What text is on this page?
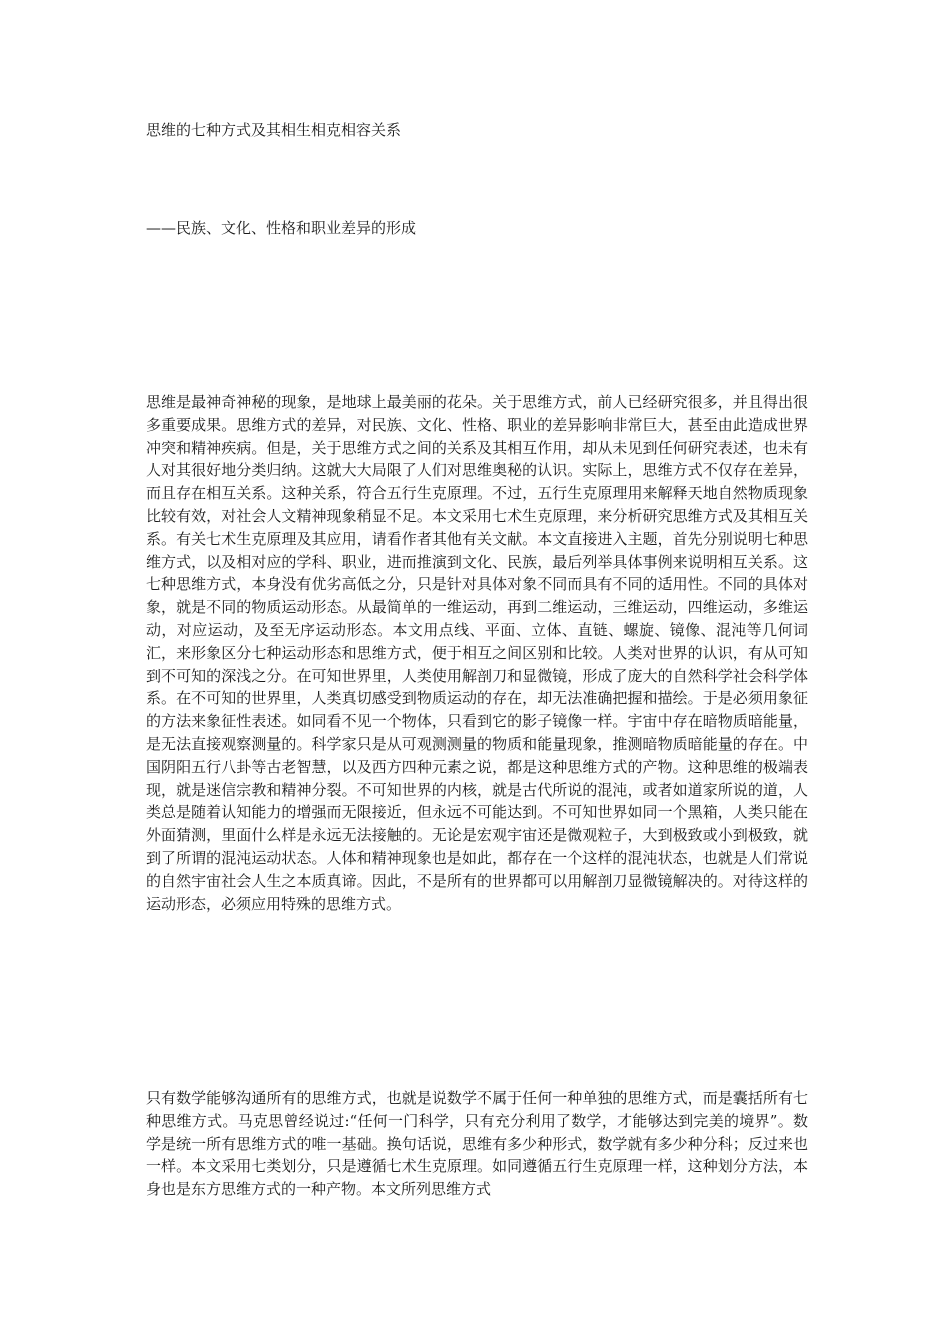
思维的七种方式及其相生相克相容关系
——民族、文化、性格和职业差异的形成

思维是最神奇神秘的现象，是地球上最美丽的花朵。关于思维方式，前人已经研究很多，并且得出很多重要成果。思维方式的差异，对民族、文化、性格、职业的差异影响非常巨大，甚至由此造成世界冲突和精神疾病。但是，关于思维方式之间的关系及其相互作用，却从未见到任何研究表述，也未有人对其很好地分类归纳。这就大大局限了人们对思维奥秘的认识。实际上，思维方式不仅存在差异，而且存在相互关系。这种关系，符合五行生克原理。不过，五行生克原理用来解释天地自然物质现象比较有效，对社会人文精神现象稍显不足。本文采用七术生克原理，来分析研究思维方式及其相互关系。有关七术生克原理及其应用，请看作者其他有关文献。本文直接进入主题，首先分别说明七种思维方式，以及相对应的学科、职业，进而推演到文化、民族，最后列举具体事例来说明相互关系。这七种思维方式，本身没有优劣高低之分，只是针对具体对象不同而具有不同的适用性。不同的具体对象，就是不同的物质运动形态。从最简单的一维运动，再到二维运动，三维运动，四维运动，多维运动，对应运动，及至无序运动形态。本文用点线、平面、立体、直链、螺旋、镜像、混沌等几何词汇，来形象区分七种运动形态和思维方式，便于相互之间区别和比较。人类对世界的认识，有从可知到不可知的深浅之分。在可知世界里，人类使用解剖刀和显微镜，形成了庞大的自然科学社会科学体系。在不可知的世界里，人类真切感受到物质运动的存在，却无法准确把握和描绘。于是必须用象征的方法来象征性表述。如同看不见一个物体，只看到它的影子镜像一样。宇宙中存在暗物质暗能量，是无法直接观察测量的。科学家只是从可观测测量的物质和能量现象，推测暗物质暗能量的存在。中国阴阳五行八卦等古老智慧，以及西方四种元素之说，都是这种思维方式的产物。这种思维的极端表现，就是迷信宗教和精神分裂。不可知世界的内核，就是古代所说的混沌，或者如道家所说的道，人类总是随着认知能力的增强而无限接近，但永远不可能达到。不可知世界如同一个黑箱，人类只能在外面猜测，里面什么样是永远无法接触的。无论是宏观宇宙还是微观粒子，大到极致或小到极致，就到了所谓的混沌运动状态。人体和精神现象也是如此，都存在一个这样的混沌状态，也就是人们常说的自然宇宙社会人生之本质真谛。因此，不是所有的世界都可以用解剖刀显微镜解决的。对待这样的运动形态，必须应用特殊的思维方式。

只有数学能够沟通所有的思维方式，也就是说数学不属于任何一种单独的思维方式，而是囊括所有七种思维方式。马克思曾经说过:“任何一门科学，只有充分利用了数学，才能够达到完美的境界”。数学是统一所有思维方式的唯一基础。换句话说，思维有多少种形式，数学就有多少种分科；反过来也一样。本文采用七类划分，只是遵循七术生克原理。如同遵循五行生克原理一样，这种划分方法，本身也是东方思维方式的一种产物。本文所列思维方式
